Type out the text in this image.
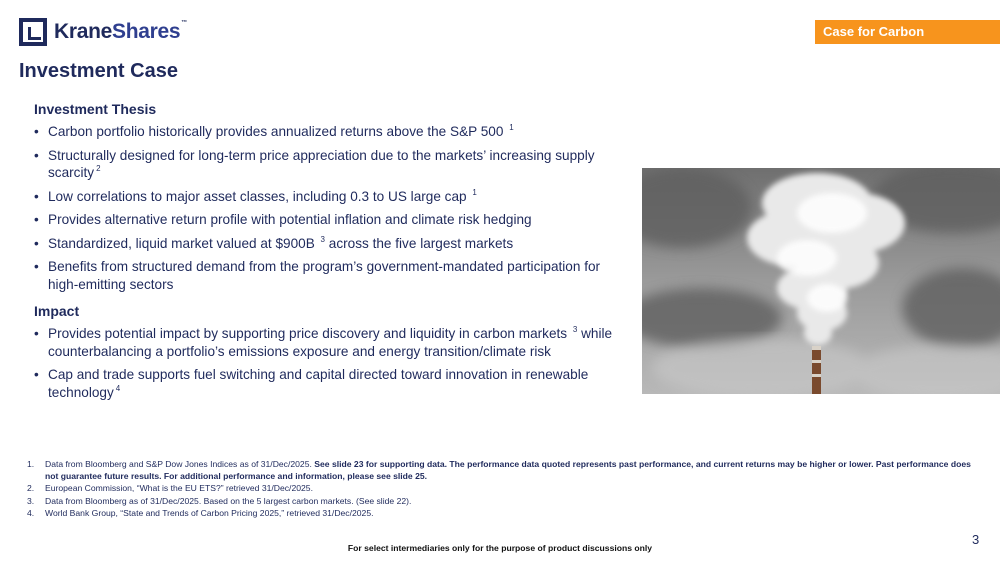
KraneShares™
Case for Carbon
Investment Case
Investment Thesis
• Carbon portfolio historically provides annualized returns above the S&P 500 $^1$
• Structurally designed for long-term price appreciation due to the markets’ increasing supply scarcity $^2$
• Low correlations to major asset classes, including 0.3 to US large cap $^1$
• Provides alternative return profile with potential inflation and climate risk hedging
• Standardized, liquid market valued at $900B $^3$ across the five largest markets
• Benefits from structured demand from the program’s government-mandated participation for high-emitting sectors
Impact
• Provides potential impact by supporting price discovery and liquidity in carbon markets $^3$ while counterbalancing a portfolio’s emissions exposure and energy transition/climate risk
• Cap and trade supports fuel switching and capital directed toward innovation in renewable technology $^4$
1.	Data from Bloomberg and S&P Dow Jones Indices as of 31/Dec/2025. See slide 23 for supporting data. The performance data quoted represents past performance, and current returns may be higher or lower. Past performance does not guarantee future results. For additional performance and information, please see slide 25.
2.	European Commission, “What is the EU ETS?” retrieved 31/Dec/2025.
3.	Data from Bloomberg as of 31/Dec/2025. Based on the 5 largest carbon markets. (See slide 22).
4.	World Bank Group, “State and Trends of Carbon Pricing 2025,” retrieved 31/Dec/2025.
3
For select intermediaries only for the purpose of product discussions only
